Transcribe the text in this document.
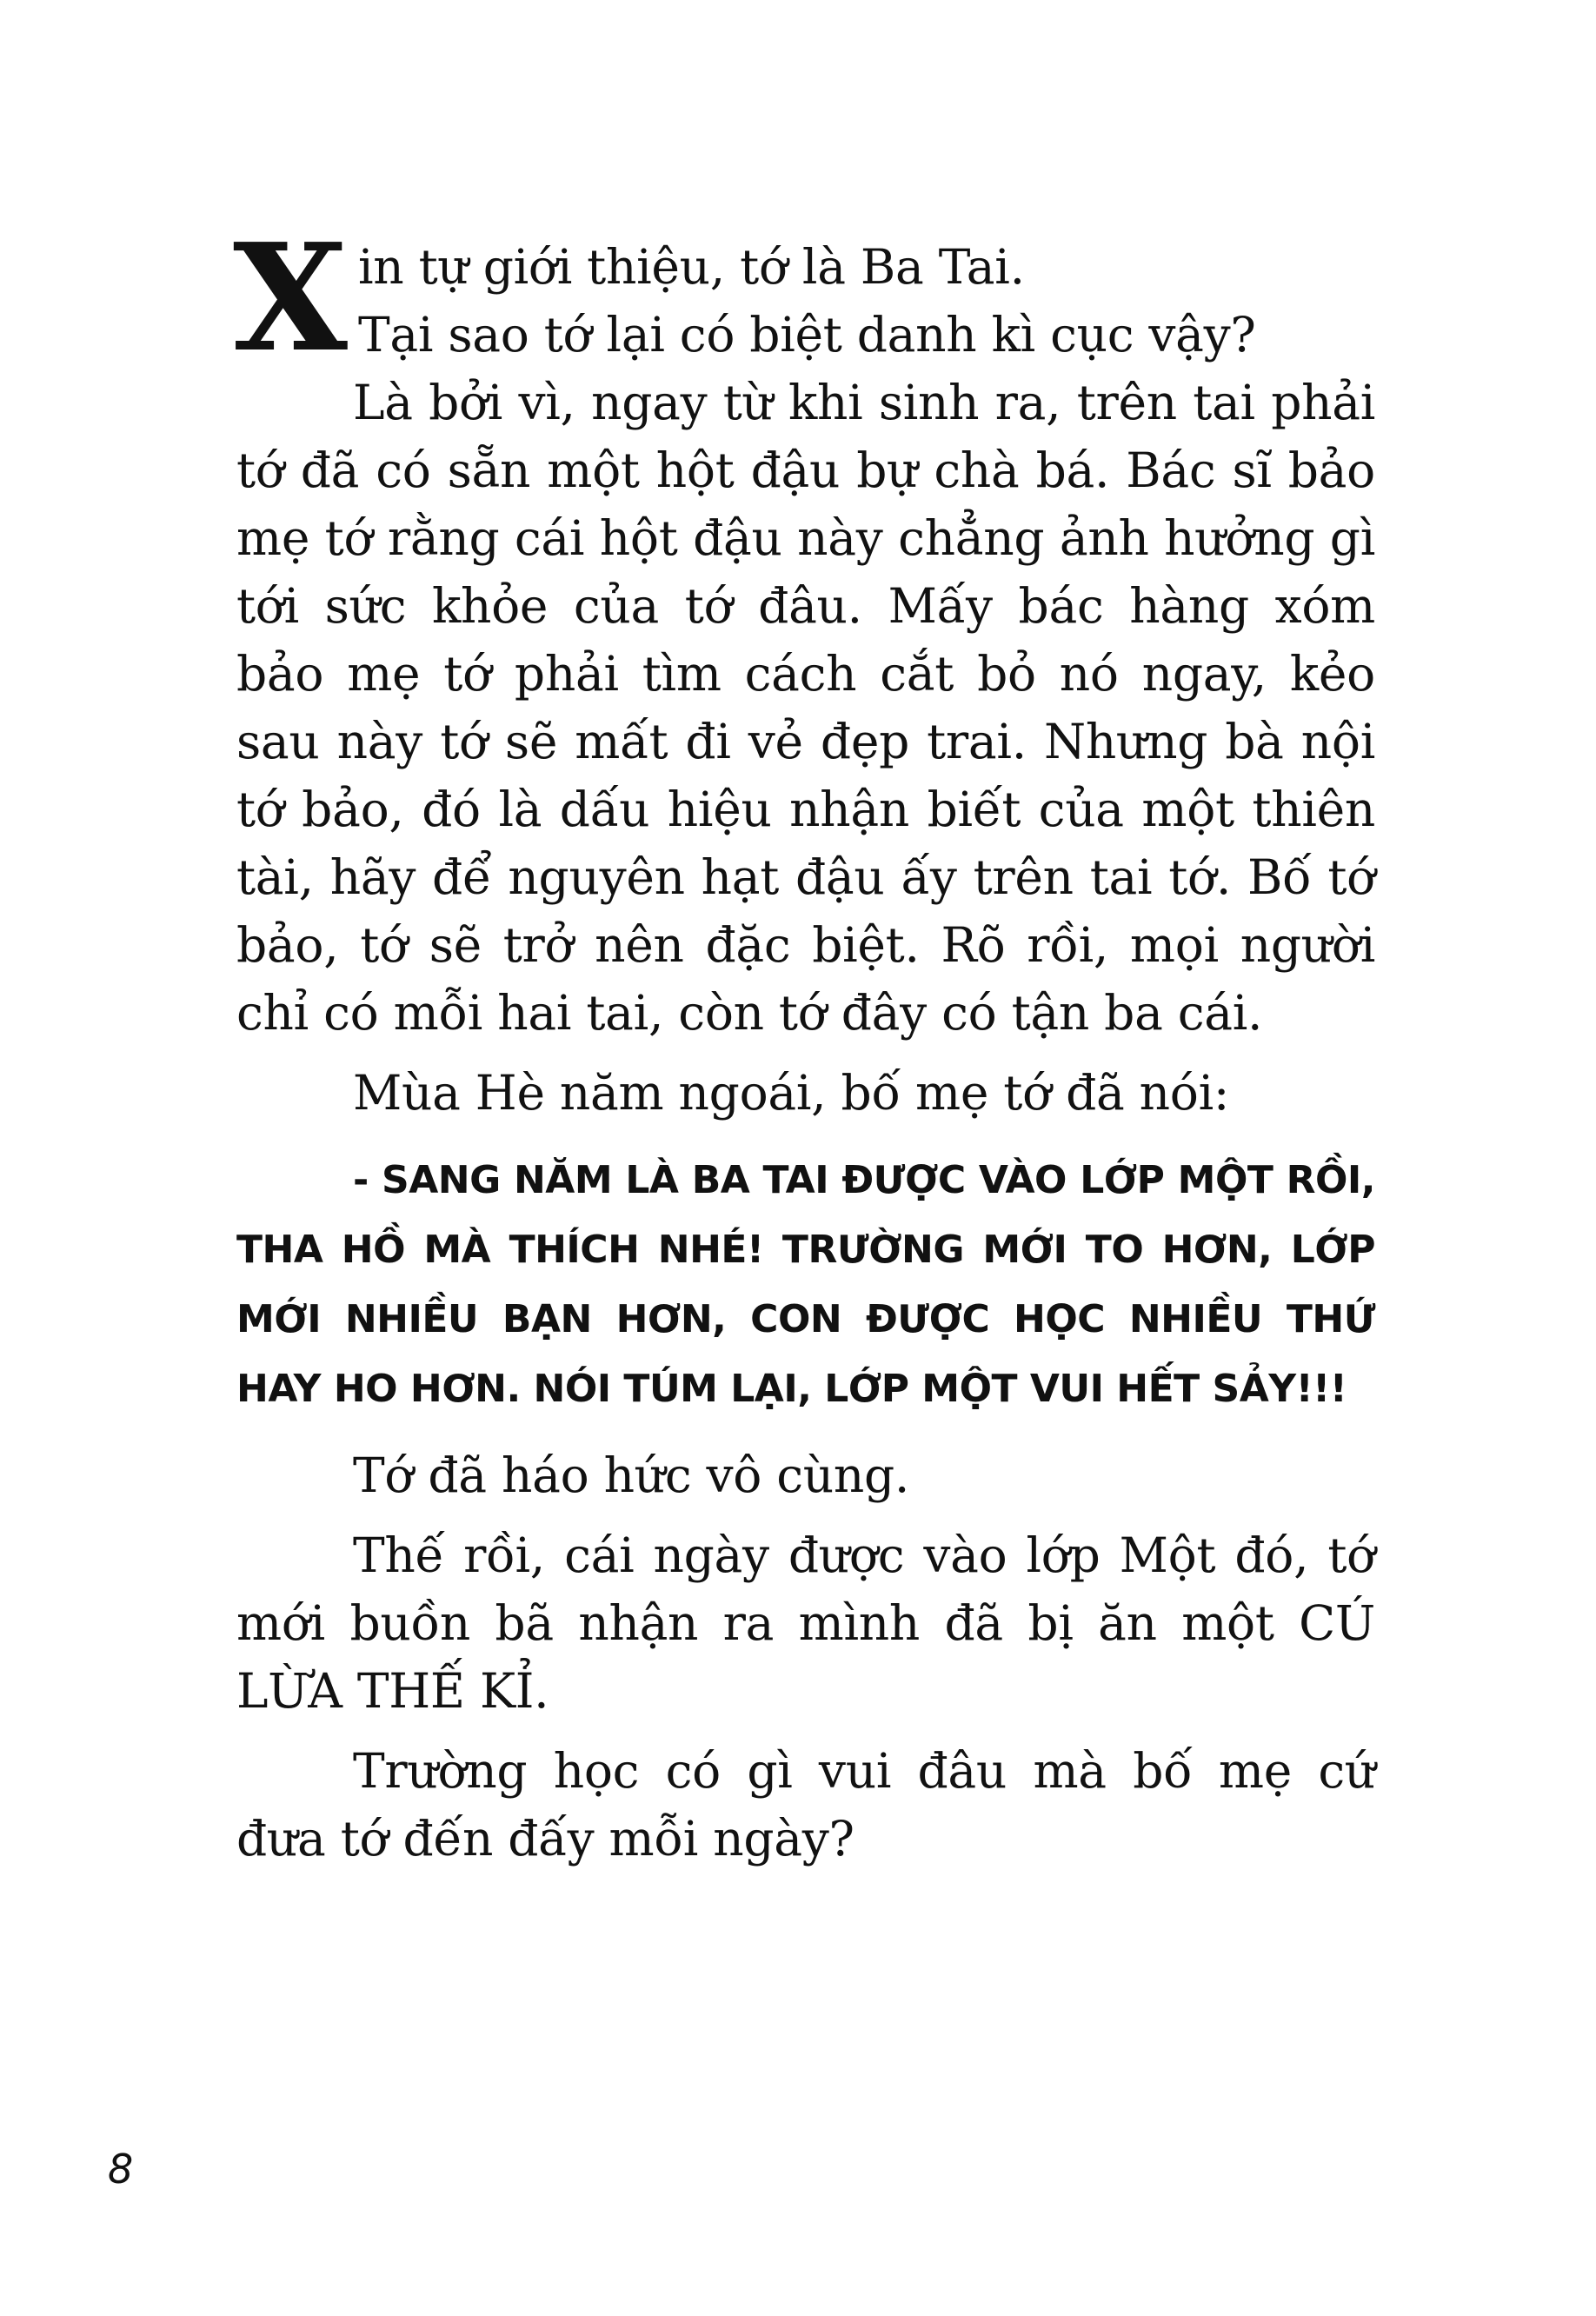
X in tự giới thiệu, tớ là Ba Tai.
Tại sao tớ lại có biệt danh kì cục vậy?

Là bởi vì, ngay từ khi sinh ra, trên tai phải tớ đã có sẵn một hột đậu bự chà bá. Bác sĩ bảo mẹ tớ rằng cái hột đậu này chẳng ảnh hưởng gì tới sức khỏe của tớ đâu. Mấy bác hàng xóm bảo mẹ tớ phải tìm cách cắt bỏ nó ngay, kẻo sau này tớ sẽ mất đi vẻ đẹp trai. Nhưng bà nội tớ bảo, đó là dấu hiệu nhận biết của một thiên tài, hãy để nguyên hạt đậu ấy trên tai tớ. Bố tớ bảo, tớ sẽ trở nên đặc biệt. Rõ rồi, mọi người chỉ có mỗi hai tai, còn tớ đây có tận ba cái.

Mùa Hè năm ngoái, bố mẹ tớ đã nói:

- SANG NĂM LÀ BA TAI ĐƯỢC VÀO LỚP MỘT RỒI, THA HỒ MÀ THÍCH NHÉ! TRƯỜNG MỚI TO HƠN, LỚP MỚI NHIỀU BẠN HƠN, CON ĐƯỢC HỌC NHIỀU THỨ HAY HO HƠN. NÓI TÚM LẠI, LỚP MỘT VUI HẾT SẢY!!!

Tớ đã háo hức vô cùng.

Thế rồi, cái ngày được vào lớp Một đó, tớ mới buồn bã nhận ra mình đã bị ăn một CÚ LỪA THẾ KỈ.

Trường học có gì vui đâu mà bố mẹ cứ đưa tớ đến đấy mỗi ngày?

8
